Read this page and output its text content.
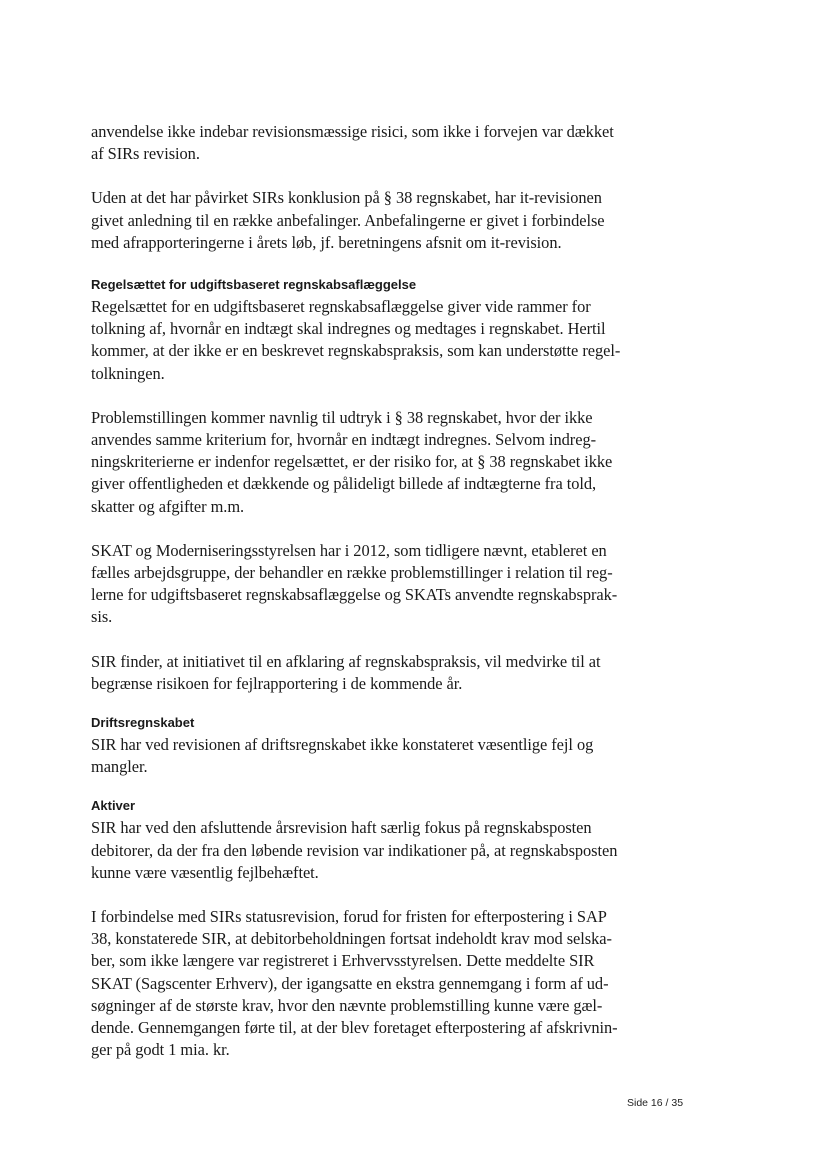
anvendelse ikke indebar revisionsmæssige risici, som ikke i forvejen var dækket
af SIRs revision.

Uden at det har påvirket SIRs konklusion på § 38 regnskabet, har it-revisionen
givet anledning til en række anbefalinger. Anbefalingerne er givet i forbindelse
med afrapporteringerne i årets løb, jf. beretningens afsnit om it-revision.

Regelsættet for udgiftsbaseret regnskabsaflæggelse

Regelsættet for en udgiftsbaseret regnskabsaflæggelse giver vide rammer for
tolkning af, hvornår en indtægt skal indregnes og medtages i regnskabet. Hertil
kommer, at der ikke er en beskrevet regnskabspraksis, som kan understøtte regel-
tolkningen.

Problemstillingen kommer navnlig til udtryk i § 38 regnskabet, hvor der ikke
anvendes samme kriterium for, hvornår en indtægt indregnes. Selvom indreg-
ningskriterierne er indenfor regelsættet, er der risiko for, at § 38 regnskabet ikke
giver offentligheden et dækkende og pålideligt billede af indtægterne fra told,
skatter og afgifter m.m.

SKAT og Moderniseringsstyrelsen har i 2012, som tidligere nævnt, etableret en
fælles arbejdsgruppe, der behandler en række problemstillinger i relation til reg-
lerne for udgiftsbaseret regnskabsaflæggelse og SKATs anvendte regnskabsprak-
sis.

SIR finder, at initiativet til en afklaring af regnskabspraksis, vil medvirke til at
begrænse risikoen for fejlrapportering i de kommende år.

Driftsregnskabet

SIR har ved revisionen af driftsregnskabet ikke konstateret væsentlige fejl og
mangler.

Aktiver

SIR har ved den afsluttende årsrevision haft særlig fokus på regnskabsposten
debitorer, da der fra den løbende revision var indikationer på, at regnskabsposten
kunne være væsentlig fejlbehæftet.

I forbindelse med SIRs statusrevision, forud for fristen for efterpostering i SAP
38, konstaterede SIR, at debitorbeholdningen fortsat indeholdt krav mod selska-
ber, som ikke længere var registreret i Erhvervsstyrelsen. Dette meddelte SIR
SKAT (Sagscenter Erhverv), der igangsatte en ekstra gennemgang i form af ud-
søgninger af de største krav, hvor den nævnte problemstilling kunne være gæl-
dende. Gennemgangen førte til, at der blev foretaget efterpostering af afskrivnin-
ger på godt 1 mia. kr.

Side 16 / 35
